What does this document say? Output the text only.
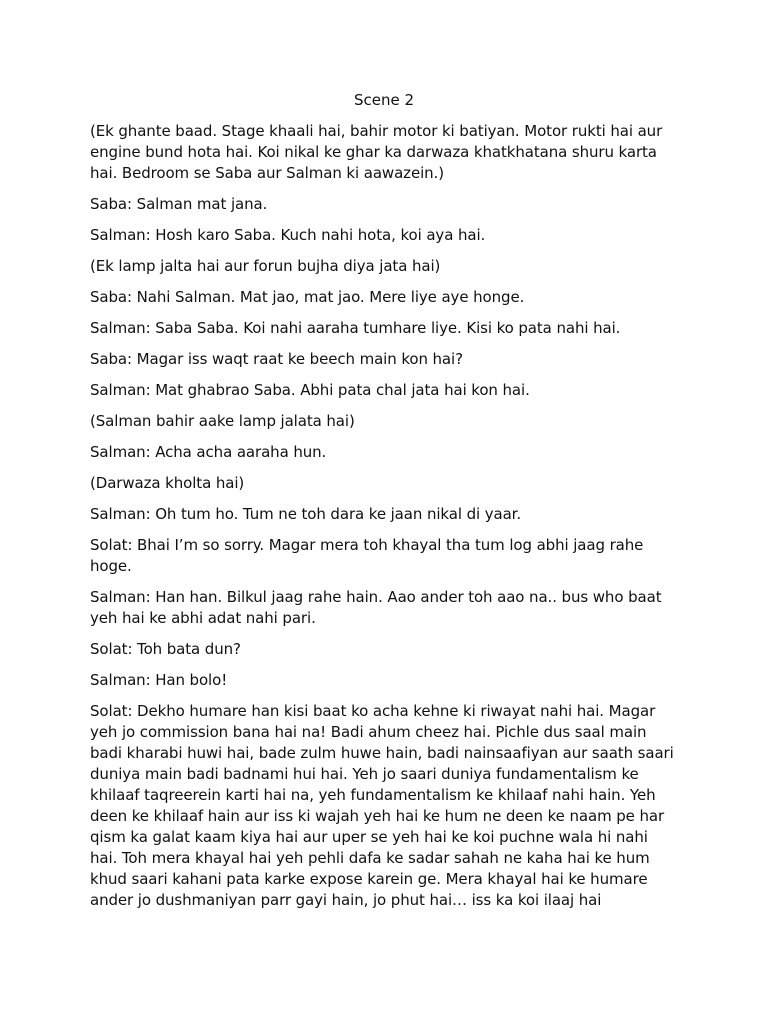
Scene 2
(Ek ghante baad. Stage khaali hai, bahir motor ki batiyan. Motor rukti hai aur engine bund hota hai. Koi nikal ke ghar ka darwaza khatkhatana shuru karta hai. Bedroom se Saba aur Salman ki aawazein.)
Saba: Salman mat jana.
Salman: Hosh karo Saba. Kuch nahi hota, koi aya hai.
(Ek lamp jalta hai aur forun bujha diya jata hai)
Saba: Nahi Salman. Mat jao, mat jao. Mere liye aye honge.
Salman: Saba Saba. Koi nahi aaraha tumhare liye. Kisi ko pata nahi hai.
Saba: Magar iss waqt raat ke beech main kon hai?
Salman: Mat ghabrao Saba. Abhi pata chal jata hai kon hai.
(Salman bahir aake lamp jalata hai)
Salman: Acha acha aaraha hun.
(Darwaza kholta hai)
Salman: Oh tum ho. Tum ne toh dara ke jaan nikal di yaar.
Solat: Bhai I’m so sorry. Magar mera toh khayal tha tum log abhi jaag rahe hoge.
Salman: Han han. Bilkul jaag rahe hain. Aao ander toh aao na.. bus who baat yeh hai ke abhi adat nahi pari.
Solat: Toh bata dun?
Salman: Han bolo!
Solat: Dekho humare han kisi baat ko acha kehne ki riwayat nahi hai. Magar yeh jo commission bana hai na! Badi ahum cheez hai. Pichle dus saal main badi kharabi huwi hai, bade zulm huwe hain, badi nainsaafiyan aur saath saari duniya main badi badnami hui hai. Yeh jo saari duniya fundamentalism ke khilaaf taqreerein karti hai na, yeh fundamentalism ke khilaaf nahi hain. Yeh deen ke khilaaf hain aur iss ki wajah yeh hai ke hum ne deen ke naam pe har qism ka galat kaam kiya hai aur uper se yeh hai ke koi puchne wala hi nahi hai. Toh mera khayal hai yeh pehli dafa ke sadar sahah ne kaha hai ke hum khud saari kahani pata karke expose karein ge. Mera khayal hai ke humare ander jo dushmaniyan parr gayi hain, jo phut hai… iss ka koi ilaaj hai
